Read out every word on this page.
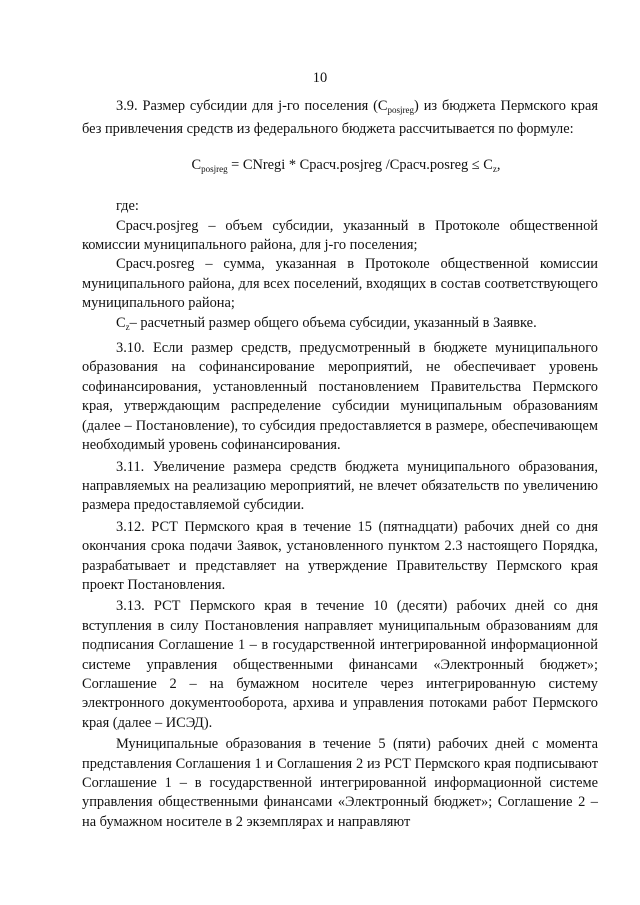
10

3.9. Размер субсидии для j-го поселения $(С_{posjreg})$ из бюджета Пермского края без привлечения средств из федерального бюджета рассчитывается по формуле:

$С_{posjreg}$ = CNregi * Срасч.posjreg /Срасч.posreg ≤ $С_z$,

где:

Срасч.posjreg – объем субсидии, указанный в Протоколе общественной комиссии муниципального района, для j-го поселения;

Срасч.posreg – сумма, указанная в Протоколе общественной комиссии муниципального района, для всех поселений, входящих в состав соответствующего муниципального района;

$С_z-$ расчетный размер общего объема субсидии, указанный в Заявке.

3.10. Если размер средств, предусмотренный в бюджете муниципального образования на софинансирование мероприятий, не обеспечивает уровень софинансирования, установленный постановлением Правительства Пермского края, утверждающим распределение субсидии муниципальным образованиям (далее – Постановление), то субсидия предоставляется в размере, обеспечивающем необходимый уровень софинансирования.

3.11. Увеличение размера средств бюджета муниципального образования, направляемых на реализацию мероприятий, не влечет обязательств по увеличению размера предоставляемой субсидии.

3.12. РСТ Пермского края в течение 15 (пятнадцати) рабочих дней со дня окончания срока подачи Заявок, установленного пунктом 2.3 настоящего Порядка, разрабатывает и представляет на утверждение Правительству Пермского края проект Постановления.

3.13. РСТ Пермского края в течение 10 (десяти) рабочих дней со дня вступления в силу Постановления направляет муниципальным образованиям для подписания Соглашение 1 – в государственной интегрированной информационной системе управления общественными финансами «Электронный бюджет»; Соглашение 2 – на бумажном носителе через интегрированную систему электронного документооборота, архива и управления потоками работ Пермского края (далее – ИСЭД).

Муниципальные образования в течение 5 (пяти) рабочих дней с момента представления Соглашения 1 и Соглашения 2 из РСТ Пермского края подписывают Соглашение 1 – в государственной интегрированной информационной системе управления общественными финансами «Электронный бюджет»; Соглашение 2 – на бумажном носителе в 2 экземплярах и направляют
